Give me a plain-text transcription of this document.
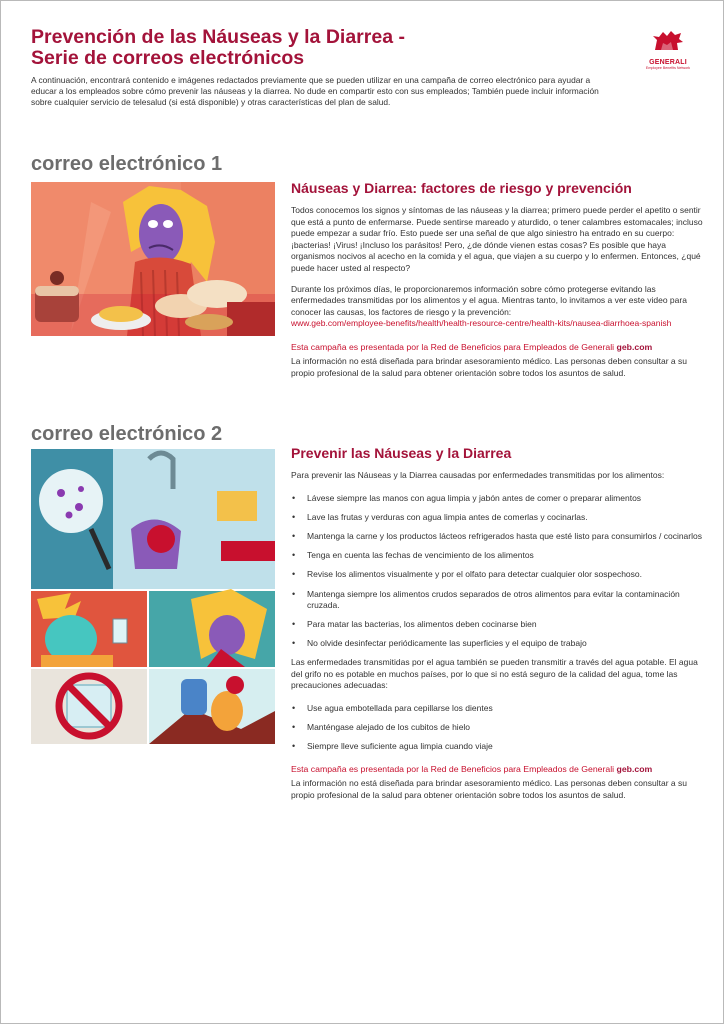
Prevención de las Náuseas y la Diarrea -
Serie de correos electrónicos	GENERALI
Employee Benefits Network

A continuación, encontrará contenido e imágenes redactados previamente que se pueden utilizar en una campaña de correo electrónico para ayudar a educar a los empleados sobre cómo prevenir las náuseas y la diarrea. No dude en compartir esto con sus empleados; También puede incluir información sobre cualquier servicio de telesalud (si está disponible) y otras características del plan de salud.

correo electrónico 1
Náuseas y Diarrea: factores de riesgo y prevención

Todos conocemos los signos y síntomas de las náuseas y la diarrea; primero puede perder el apetito o sentir que está a punto de enfermarse. Puede sentirse mareado y aturdido, o tener calambres estomacales; incluso puede empezar a sudar frío. Esto puede ser una señal de que algo siniestro ha entrado en su cuerpo: ¡bacterias! ¡Virus! ¡Incluso los parásitos! Pero, ¿de dónde vienen estas cosas? Es posible que haya organismos nocivos al acecho en la comida y el agua, que viajen a su cuerpo y lo enfermen. Entonces, ¿qué puede hacer usted al respecto?

Durante los próximos días, le proporcionaremos información sobre cómo protegerse evitando las enfermedades transmitidas por los alimentos y el agua. Mientras tanto, lo invitamos a ver este video para conocer las causas, los factores de riesgo y la prevención:

www.geb.com/employee-benefits/health/health-resource-centre/health-kits/nausea-diarrhoea-spanish
Esta campaña es presentada por la Red de Beneficios para Empleados de Generali geb.com

La información no está diseñada para brindar asesoramiento médico. Las personas deben consultar a su propio profesional de la salud para obtener orientación sobre todos los asuntos de salud.

correo electrónico 2
Prevenir las Náuseas y la Diarrea

Para prevenir las Náuseas y la Diarrea causadas por enfermedades transmitidas por los alimentos:

• Lávese siempre las manos con agua limpia y jabón antes de comer o preparar alimentos
• Lave las frutas y verduras con agua limpia antes de comerlas y cocinarlas.
• Mantenga la carne y los productos lácteos refrigerados hasta que esté listo para consumirlos / cocinarlos
• Tenga en cuenta las fechas de vencimiento de los alimentos
• Revise los alimentos visualmente y por el olfato para detectar cualquier olor sospechoso.
• Mantenga siempre los alimentos crudos separados de otros alimentos para evitar la contaminación cruzada.
• Para matar las bacterias, los alimentos deben cocinarse bien
• No olvide desinfectar periódicamente las superficies y el equipo de trabajo

Las enfermedades transmitidas por el agua también se pueden transmitir a través del agua potable. El agua del grifo no es potable en muchos países, por lo que si no está seguro de la calidad del agua, tome las precauciones adecuadas:

• Use agua embotellada para cepillarse los dientes
• Manténgase alejado de los cubitos de hielo
• Siempre lleve suficiente agua limpia cuando viaje
Esta campaña es presentada por la Red de Beneficios para Empleados de Generali geb.com

La información no está diseñada para brindar asesoramiento médico. Las personas deben consultar a su propio profesional de la salud para obtener orientación sobre todos los asuntos de salud.
